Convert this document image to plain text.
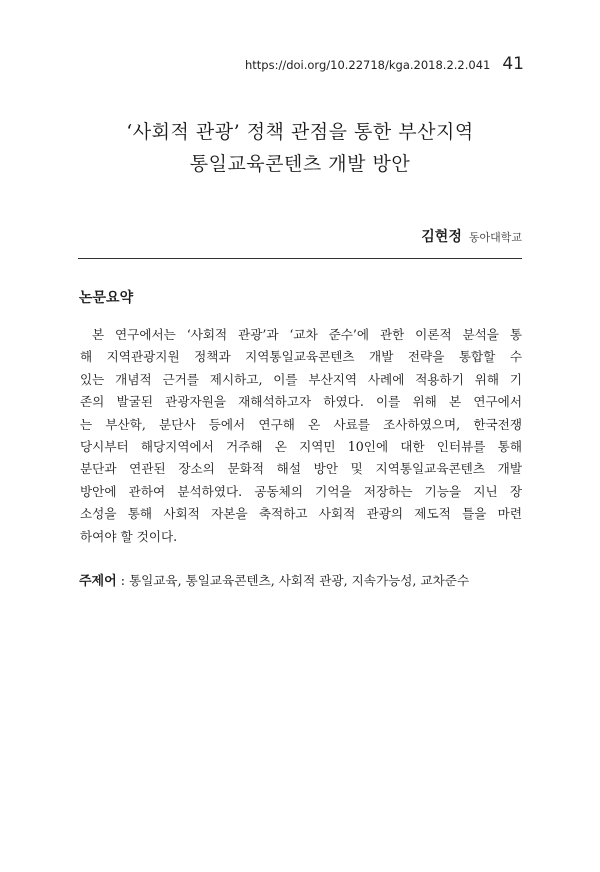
https://doi.org/10.22718/kga.2018.2.2.041 41
‘사회적 관광’ 정책 관점을 통한 부산지역
통일교육콘텐츠 개발 방안
김현정 동아대학교
논문요약
본 연구에서는 ‘사회적 관광’과 ‘교차 준수’에 관한 이론적 분석을 통
해 지역관광지원 정책과 지역통일교육콘텐츠 개발 전략을 통합할 수
있는 개념적 근거를 제시하고, 이를 부산지역 사례에 적용하기 위해 기
존의 발굴된 관광자원을 재해석하고자 하였다. 이를 위해 본 연구에서
는 부산학, 분단사 등에서 연구해 온 사료를 조사하였으며, 한국전쟁
당시부터 해당지역에서 거주해 온 지역민 10인에 대한 인터뷰를 통해
분단과 연관된 장소의 문화적 해설 방안 및 지역통일교육콘텐츠 개발
방안에 관하여 분석하였다. 공동체의 기억을 저장하는 기능을 지닌 장
소성을 통해 사회적 자본을 축적하고 사회적 관광의 제도적 틀을 마련
하여야 할 것이다.
주제어 : 통일교육, 통일교육콘텐츠, 사회적 관광, 지속가능성, 교차준수
